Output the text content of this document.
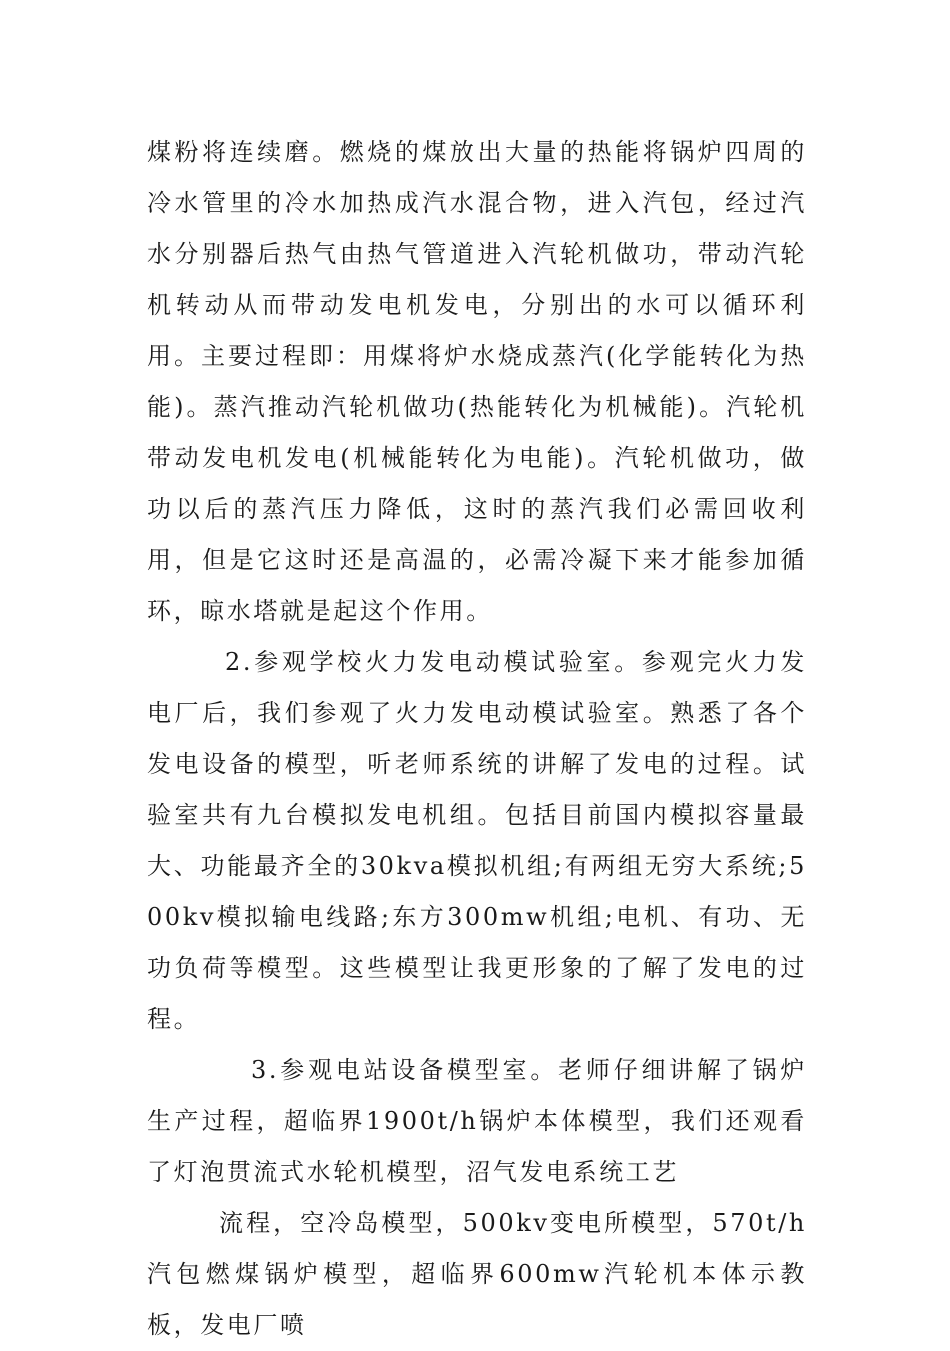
煤粉将连续磨。燃烧的煤放出大量的热能将锅炉四周的冷水管里的冷水加热成汽水混合物，进入汽包，经过汽水分别器后热气由热气管道进入汽轮机做功，带动汽轮机转动从而带动发电机发电，分别出的水可以循环利用。主要过程即：用煤将炉水烧成蒸汽(化学能转化为热能)。蒸汽推动汽轮机做功(热能转化为机械能)。汽轮机带动发电机发电(机械能转化为电能)。汽轮机做功，做功以后的蒸汽压力降低，这时的蒸汽我们必需回收利用，但是它这时还是高温的，必需冷凝下来才能参加循环，晾水塔就是起这个作用。

2.参观学校火力发电动模试验室。参观完火力发电厂后，我们参观了火力发电动模试验室。熟悉了各个发电设备的模型，听老师系统的讲解了发电的过程。试验室共有九台模拟发电机组。包括目前国内模拟容量最大、功能最齐全的30kva模拟机组;有两组无穷大系统;500kv模拟输电线路;东方300mw机组;电机、有功、无功负荷等模型。这些模型让我更形象的了解了发电的过程。

3.参观电站设备模型室。老师仔细讲解了锅炉生产过程，超临界1900t/h锅炉本体模型，我们还观看了灯泡贯流式水轮机模型，沼气发电系统工艺

流程，空冷岛模型，500kv变电所模型，570t/h汽包燃煤锅炉模型，超临界600mw汽轮机本体示教板，发电厂喷
